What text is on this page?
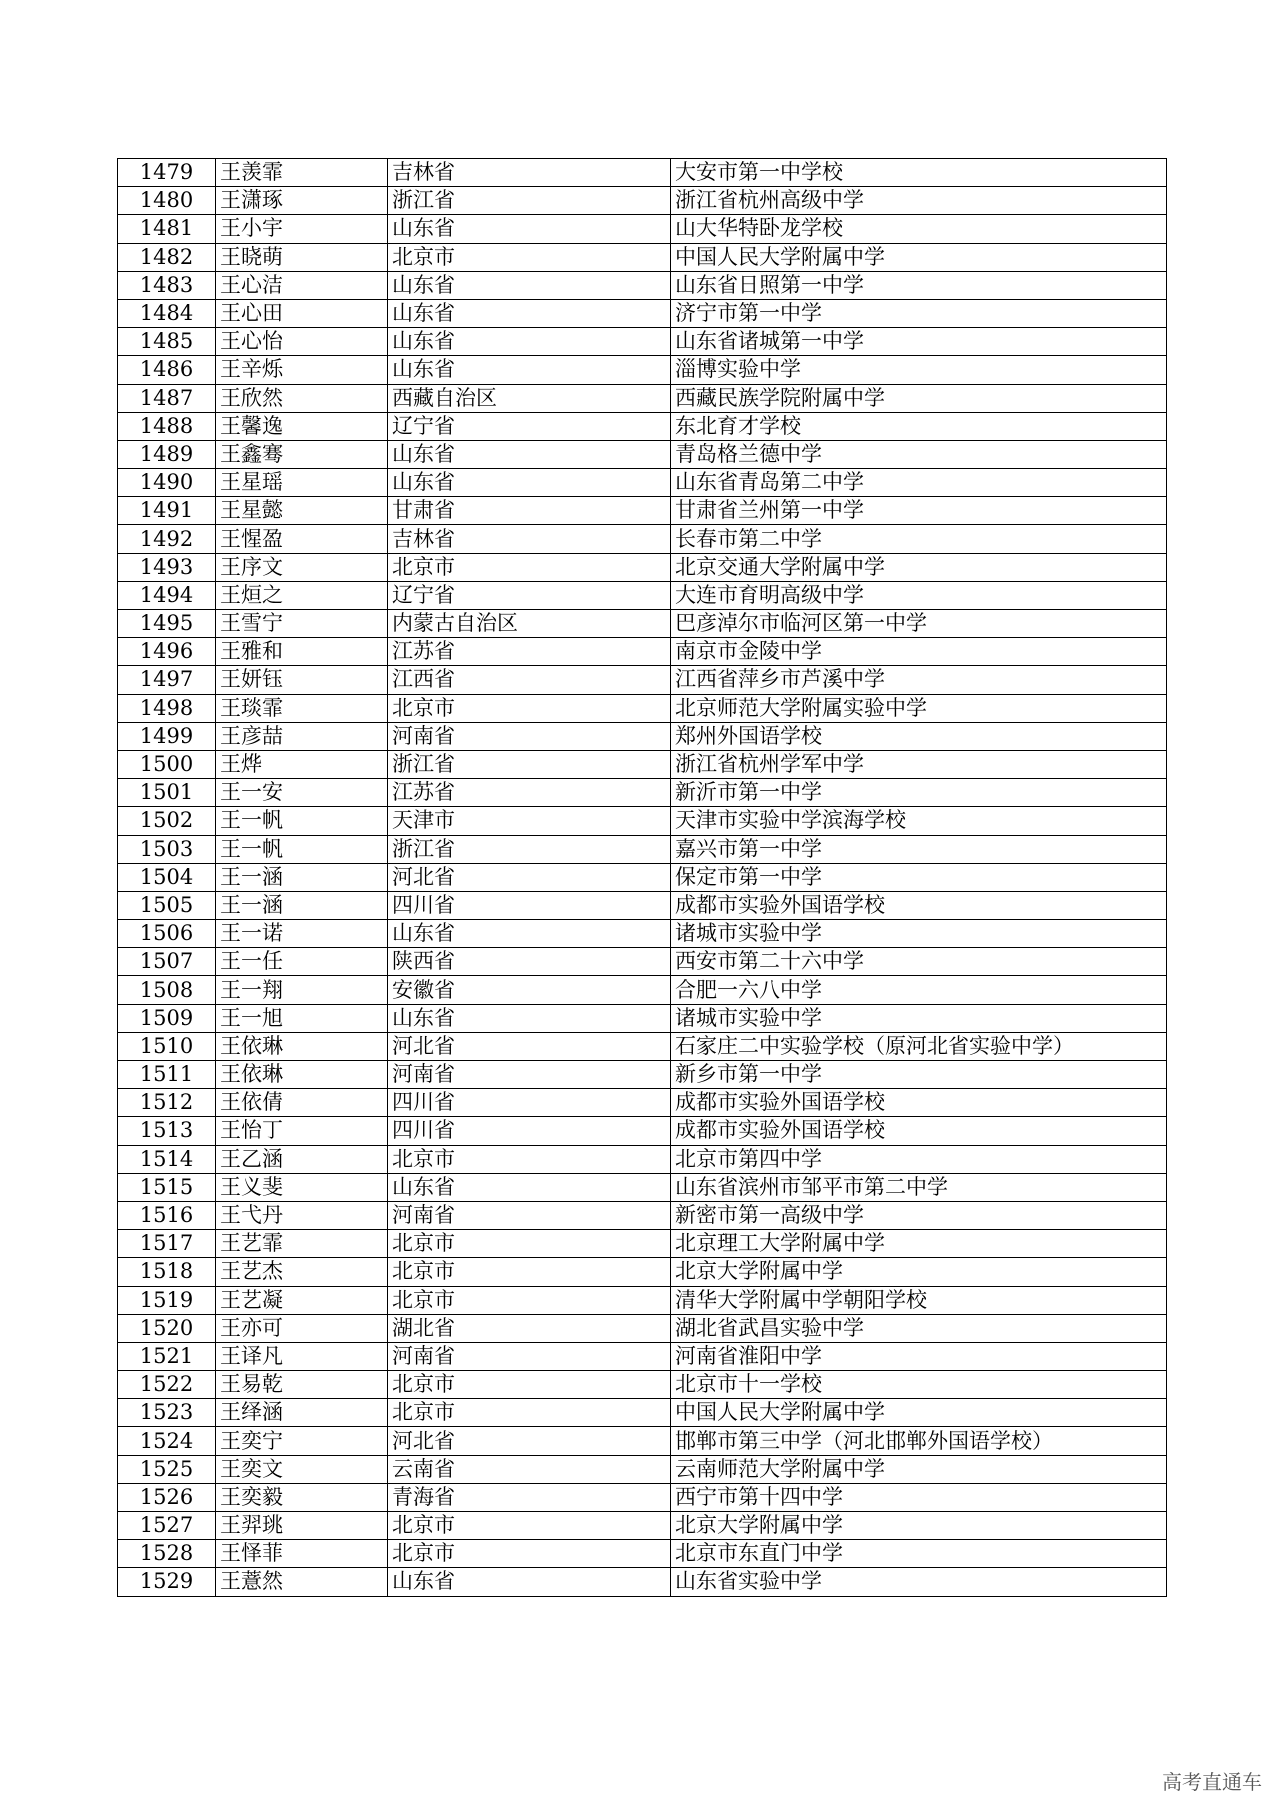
1479	王羡霏	吉林省	大安市第一中学校
1480	王潇琢	浙江省	浙江省杭州高级中学
1481	王小宇	山东省	山大华特卧龙学校
1482	王晓萌	北京市	中国人民大学附属中学
1483	王心洁	山东省	山东省日照第一中学
1484	王心田	山东省	济宁市第一中学
1485	王心怡	山东省	山东省诸城第一中学
1486	王辛烁	山东省	淄博实验中学
1487	王欣然	西藏自治区	西藏民族学院附属中学
1488	王馨逸	辽宁省	东北育才学校
1489	王鑫骞	山东省	青岛格兰德中学
1490	王星瑶	山东省	山东省青岛第二中学
1491	王星懿	甘肃省	甘肃省兰州第一中学
1492	王惺盈	吉林省	长春市第二中学
1493	王序文	北京市	北京交通大学附属中学
1494	王烜之	辽宁省	大连市育明高级中学
1495	王雪宁	内蒙古自治区	巴彦淖尔市临河区第一中学
1496	王雅和	江苏省	南京市金陵中学
1497	王妍钰	江西省	江西省萍乡市芦溪中学
1498	王琰霏	北京市	北京师范大学附属实验中学
1499	王彦喆	河南省	郑州外国语学校
1500	王烨	浙江省	浙江省杭州学军中学
1501	王一安	江苏省	新沂市第一中学
1502	王一帆	天津市	天津市实验中学滨海学校
1503	王一帆	浙江省	嘉兴市第一中学
1504	王一涵	河北省	保定市第一中学
1505	王一涵	四川省	成都市实验外国语学校
1506	王一诺	山东省	诸城市实验中学
1507	王一任	陕西省	西安市第二十六中学
1508	王一翔	安徽省	合肥一六八中学
1509	王一旭	山东省	诸城市实验中学
1510	王依琳	河北省	石家庄二中实验学校（原河北省实验中学）
1511	王依琳	河南省	新乡市第一中学
1512	王依倩	四川省	成都市实验外国语学校
1513	王怡丁	四川省	成都市实验外国语学校
1514	王乙涵	北京市	北京市第四中学
1515	王义斐	山东省	山东省滨州市邹平市第二中学
1516	王弋丹	河南省	新密市第一高级中学
1517	王艺霏	北京市	北京理工大学附属中学
1518	王艺杰	北京市	北京大学附属中学
1519	王艺凝	北京市	清华大学附属中学朝阳学校
1520	王亦可	湖北省	湖北省武昌实验中学
1521	王译凡	河南省	河南省淮阳中学
1522	王易乾	北京市	北京市十一学校
1523	王绎涵	北京市	中国人民大学附属中学
1524	王奕宁	河北省	邯郸市第三中学（河北邯郸外国语学校）
1525	王奕文	云南省	云南师范大学附属中学
1526	王奕毅	青海省	西宁市第十四中学
1527	王羿珧	北京市	北京大学附属中学
1528	王怿菲	北京市	北京市东直门中学
1529	王薏然	山东省	山东省实验中学
高考直通车
